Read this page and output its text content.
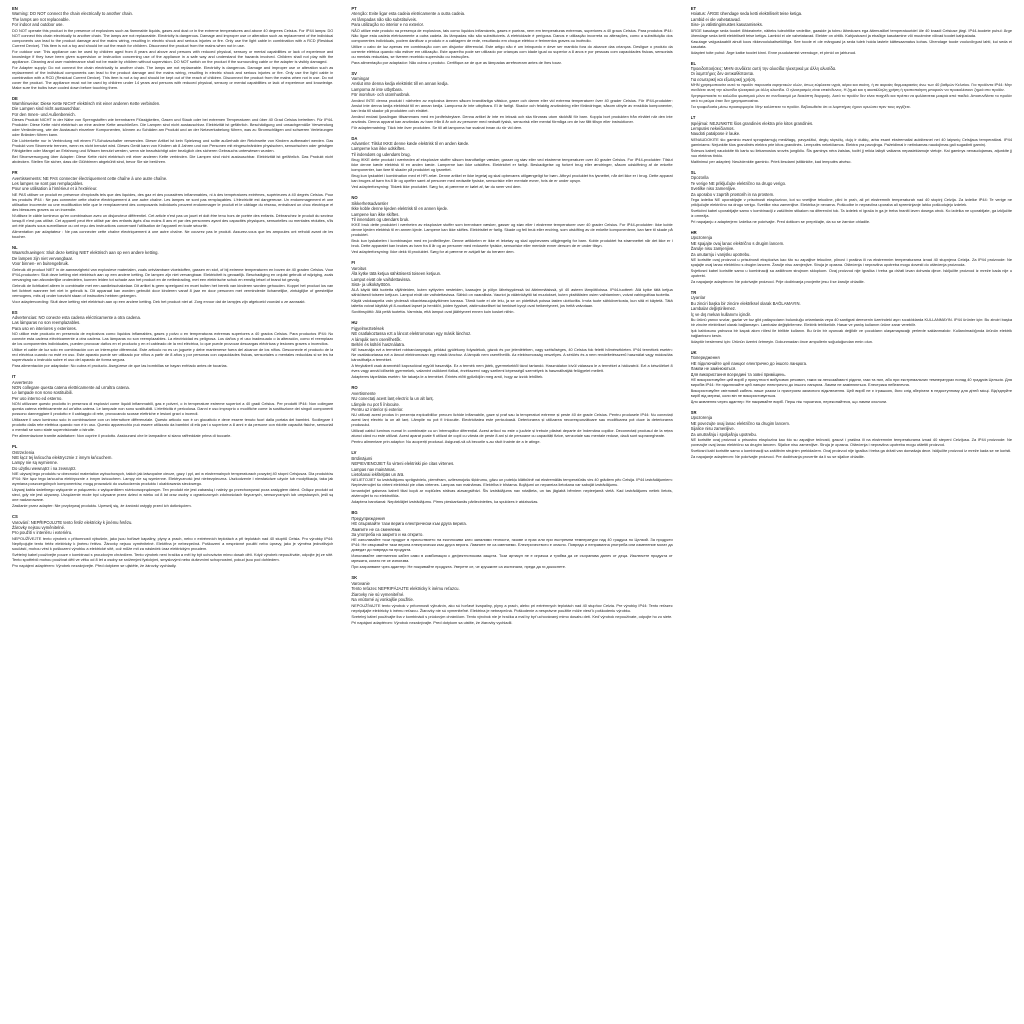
EN
Warning: DO NOT connect the chain electrically to another chain.
The lamps are not replaceable.
For indoor and outdoor use.

DO NOT operate this product in the presence of explosives such as flammable liquids, gases and dust or in the extreme temperatures and above 40 degrees Celsius. For IP44 lamps: DO NOT connect this chain electrically to another chain. The lamps are not replaceable. Electricity is dangerous. Damage and improper use or alteration such as replacement of the individual components can lead to the product damage and the mains wiring, resulting in electric shock and serious injuries or fire. Only use the light cable in combination with a RCD (Residual Current Device). This item is not a toy and should be out the reach for children. Disconnect the product from the mains when not in use.

For outdoor use: This appliance can be used by children aged from 8 years and above and persons with reduced physical, sensory or mental capabilities or lack of experience and knowledge if they have been given supervision or instruction concerning use of the appliance in a safe way and understand the hazards involved. Children shall not play with the appliance. Cleaning and user maintenance shall not be made by children without supervision. DO NOT switch on the product if the surrounding cable or the adapter is visibly damaged.

For Adapter supply: Do not connect the chain electrically to another chain. The lamps are not replaceable. Electricity is dangerous. Damage and improper use or alteration such as replacement of the individual components can lead to the product damage and the mains wiring, resulting in electric shock and serious injuries or fire. Only use the light cable in combination with a RCD (Residual Current Device). This item is not a toy and should be kept out of the reach of children. Disconnect the product from the mains when not in use. Do not cover the product. The appliance must not be used by children under 14 years and persons with reduced physical, sensory or mental capabilities or lack of experience and knowledge. Make sure the bulbs have cooled down before touching them.

DE
Warnhinweise: Diese Kette NICHT elektrisch mit einer anderen Kette verbinden.
Die Lampen sind nicht austauschbar.
Für den Innen- und Außenbereich.

Dieses Produkt NICHT in der Nähe von Sprengstoffen wie brennbaren Flüssigkeiten, Gasen und Staub oder bei extremen Temperaturen und über 40 Grad Celsius betreiben. Für IP44-Produkte: Diese Kette nicht elektrisch an eine andere Kette anschließen. Die Lampen sind nicht austauschbar. Elektrizität ist gefährlich. Beschädigung und unsachgemäße Verwendung oder Veränderung, wie der Austausch einzelner Komponenten, können zu Schäden am Produkt und an der Netzverkabelung führen, was zu Stromschlägen und schweren Verletzungen oder Bränden führen kann.

Die Lichterkette nur in Verbindung mit einem FI-Schutzschalter verwenden. Dieser Artikel ist kein Spielzeug und sollte außerhalb der Reichweite von Kindern aufbewahrt werden. Das Produkt vom Stromnetz trennen, wenn es nicht benutzt wird. Dieses Gerät kann von Kindern ab 8 Jahren und von Personen mit eingeschränkten physischen, sensorischen oder geistigen Fähigkeiten oder Mangel an Erfahrung und Wissen benutzt werden, wenn sie beaufsichtigt oder bezüglich des sicheren Gebrauchs unterwiesen wurden.

Bei Stromversorgung über Adapter: Diese Kette nicht elektrisch mit einer anderen Kette verbinden. Die Lampen sind nicht austauschbar. Elektrizität ist gefährlich. Das Produkt nicht abdecken. Stellen Sie sicher, dass die Glühbirnen abgekühlt sind, bevor Sie sie berühren.

FR
Avertissements: NE PAS connecter électriquement cette chaîne à une autre chaîne.
Les lampes ne sont pas remplaçables.
Pour une utilisation à l'intérieur et à l'extérieur.

NE PAS utiliser ce produit en présence d'explosifs tels que des liquides, des gaz et des poussières inflammables, ni à des températures extrêmes, supérieures à 40 degrés Celsius. Pour les produits IP44 : Ne pas connecter cette chaîne électriquement à une autre chaîne. Les lampes ne sont pas remplaçables. L'électricité est dangereuse. Un endommagement et une utilisation incorrecte ou une modification telle que le remplacement des composants individuels peuvent endommager le produit et le câblage du réseau, entraînant un choc électrique et des blessures graves ou un incendie.

N'utilisez le câble lumineux qu'en combinaison avec un disjoncteur différentiel. Cet article n'est pas un jouet et doit être tenu hors de portée des enfants. Débranchez le produit du secteur lorsqu'il n'est pas utilisé. Cet appareil peut être utilisé par des enfants âgés d'au moins 8 ans et par des personnes ayant des capacités physiques, sensorielles ou mentales réduites, s'ils ont été placés sous surveillance ou ont reçu des instructions concernant l'utilisation de l'appareil en toute sécurité.

Alimentation par adaptateur : Ne pas connecter cette chaîne électriquement à une autre chaîne. Ne couvrez pas le produit. Assurez-vous que les ampoules ont refroidi avant de les toucher.

NL
Waarschuwingen: Sluit deze ketting NIET elektrisch aan op een andere ketting.
De lampen zijn niet vervangbaar.
Voor binnen- en buitengebruik.

Gebruik dit product NIET in de aanwezigheid van explosieve materialen, zoals ontvlambare vloeistoffen, gassen en stof, of bij extreme temperaturen en boven de 40 graden Celsius. Voor IP44-producten: Sluit deze ketting niet elektrisch aan op een andere ketting. De lampen zijn niet vervangbaar. Elektriciteit is gevaarlijk. Beschadiging en onjuist gebruik of wijziging, zoals vervanging van afzonderlijke onderdelen, kunnen leiden tot schade aan het product en de netbedrading, met een elektrische schok en ernstig letsel of brand tot gevolg.

Gebruik de lichtkabel alleen in combinatie met een aardlekschakelaar. Dit artikel is geen speelgoed en moet buiten het bereik van kinderen worden gehouden. Koppel het product los van het lichtnet wanneer het niet in gebruik is. Dit apparaat kan worden gebruikt door kinderen vanaf 8 jaar en door personen met verminderde lichamelijke, zintuiglijke of geestelijke vermogens, mits zij onder toezicht staan of instructies hebben gekregen.

Voor adaptervoeding: Sluit deze ketting niet elektrisch aan op een andere ketting. Dek het product niet af. Zorg ervoor dat de lampjes zijn afgekoeld voordat u ze aanraakt.

ES
Advertencias: NO conecte esta cadena eléctricamente a otra cadena.
Las lámparas no son reemplazables.
Para uso en interiores y exteriores.

NO utilice este producto en presencia de explosivos como líquidos inflamables, gases y polvo o en temperaturas extremas superiores a 40 grados Celsius. Para productos IP44: No conecte esta cadena eléctricamente a otra cadena. Las lámparas no son reemplazables. La electricidad es peligrosa. Los daños y el uso inadecuado o la alteración, como el reemplazo de los componentes individuales, pueden provocar daños en el producto y en el cableado de la red eléctrica, lo que puede provocar descargas eléctricas y lesiones graves o incendios.

Utilice el cable de luz solo en combinación con un interruptor diferencial. Este artículo no es un juguete y debe mantenerse fuera del alcance de los niños. Desconecte el producto de la red eléctrica cuando no esté en uso. Este aparato puede ser utilizado por niños a partir de 8 años y por personas con capacidades físicas, sensoriales o mentales reducidas si se les ha supervisado o instruido sobre el uso del aparato de forma segura.

Para alimentación por adaptador: No cubra el producto. Asegúrese de que las bombillas se hayan enfriado antes de tocarlas.

IT
Avvertenze
NON collegare questa catena elettricamente ad un'altra catena.
Le lampade non sono sostituibili.
Per uso interno ed esterno.

NON utilizzare questo prodotto in presenza di esplosivi come liquidi infiammabili, gas e polveri, o in temperature estreme superiori a 40 gradi Celsius. Per prodotti IP44: Non collegare questa catena elettricamente ad un'altra catena. Le lampade non sono sostituibili. L'elettricità è pericolosa. Danni e uso improprio o modifiche come la sostituzione dei singoli componenti possono danneggiare il prodotto e il cablaggio di rete, provocando scosse elettriche e lesioni gravi o incendi.

Utilizzare il cavo luminoso solo in combinazione con un interruttore differenziale. Questo articolo non è un giocattolo e deve essere tenuto fuori dalla portata dei bambini. Scollegare il prodotto dalla rete elettrica quando non è in uso. Questo apparecchio può essere utilizzato da bambini di età pari o superiore a 8 anni e da persone con ridotte capacità fisiche, sensoriali o mentali se sono state supervisionate o istruite.

Per alimentazione tramite adattatore: Non coprire il prodotto. Assicurarsi che le lampadine si siano raffreddate prima di toccarle.

PL
Ostrzeżenia
NIE łącz tej łańcucha elektrycznie z innym łańcuchem.
Lampy nie są wymienne.
Do użytku wewnątrz i na zewnątrz.

NIE używaj tego produktu w obecności materiałów wybuchowych, takich jak łatwopalne ciecze, gazy i pył, ani w ekstremalnych temperaturach powyżej 40 stopni Celsjusza. Dla produktów IP44: Nie łącz tego łańcucha elektrycznie z innym łańcuchem. Lampy nie są wymienne. Elektryczność jest niebezpieczna. Uszkodzenie i niewłaściwe użycie lub modyfikacja, taka jak wymiana poszczególnych komponentów, mogą prowadzić do uszkodzenia produktu i okablowania sieciowego.

Używaj kabla świetlnego wyłącznie w połączeniu z wyłącznikiem różnicowoprądowym. Ten produkt nie jest zabawką i należy go przechowywać poza zasięgiem dzieci. Odłącz produkt od sieci, gdy nie jest używany. Urządzenie może być używane przez dzieci w wieku od 8 lat oraz osoby o ograniczonych zdolnościach fizycznych, sensorycznych lub umysłowych, jeśli są one nadzorowane.

Zasilanie przez adapter: Nie przykrywaj produktu. Upewnij się, że żarówki ostygły przed ich dotknięciem.

CS
Varování: NEPŘIPOJUJTE tento řetěz elektricky k jinému řetězu.
Žárovky nejsou vyměnitelné.
Pro použití v interiéru i exteriéru.

NEPOUŽÍVEJTE tento výrobek v přítomnosti výbušnin, jako jsou hořlavé kapaliny, plyny a prach, nebo v extrémních teplotách a při teplotách nad 40 stupňů Celsia. Pro výrobky IP44: Nepřipojujte tento řetěz elektricky k jinému řetězu. Žárovky nejsou vyměnitelné. Elektřina je nebezpečná. Poškození a nesprávné použití nebo úpravy, jako je výměna jednotlivých součástí, mohou vést k poškození výrobku a elektrické sítě, což může mít za následek úraz elektrickým proudem.

Světelný kabel používejte pouze v kombinaci s proudovým chráničem. Tento výrobek není hračka a měl by být uchováván mimo dosah dětí. Když výrobek nepoužíváte, odpojte jej ze sítě. Tento spotřebič mohou používat děti ve věku od 8 let a osoby se sníženými fyzickými, smyslovými nebo duševními schopnostmi, pokud jsou pod dohledem.

Pro napájení adaptérem: Výrobek nezakrývejte. Před dotykem se ujistěte, že žárovky vychladly.

PT
Atenção: Evite ligar esta cadeia eletricamente a outra cadeia.
As lâmpadas não são substituíveis.
Para utilização no interior e no exterior.

NÃO utilize este produto na presença de explosivos, tais como líquidos inflamáveis, gases e poeiras, nem em temperaturas extremas, superiores a 40 graus Celsius. Para produtos IP44: Não ligue esta cadeia eletricamente a outra cadeia. As lâmpadas não são substituíveis. A eletricidade é perigosa. Danos e utilização incorreta ou alterações, como a substituição dos componentes individuais, podem danificar o produto e a cablagem de rede, resultando em choque elétrico e ferimentos graves ou incêndio.

Utilize o cabo de luz apenas em combinação com um disjuntor diferencial. Este artigo não é um brinquedo e deve ser mantido fora do alcance das crianças. Desligue o produto da corrente elétrica quando não estiver em utilização. Este aparelho pode ser utilizado por crianças com idade igual ou superior a 8 anos e por pessoas com capacidades físicas, sensoriais ou mentais reduzidas, se tiverem recebido supervisão ou instruções.

Para alimentação por adaptador: Não cubra o produto. Certifique-se de que as lâmpadas arrefeceram antes de lhes tocar.

SV
Varningar
Anslut inte denna kedja elektriskt till en annan kedja.
Lamporna är inte utbytbara.
För inomhus- och utomhusbruk.

Använd INTE denna produkt i närheten av explosiva ämnen såsom brandfarliga vätskor, gaser och damm eller vid extrema temperaturer över 40 grader Celsius. För IP44-produkter: Anslut inte denna kedja elektriskt till en annan kedja. Lamporna är inte utbytbara. El är farligt. Skador och felaktig användning eller förändringar, såsom utbyte av enskilda komponenter, kan leda till skador på produkten och elnätet.

Använd endast ljusslingan tillsammans med en jordfelsbrytare. Denna artikel är inte en leksak och ska förvaras utom räckhåll för barn. Koppla bort produkten från elnätet när den inte används. Denna apparat kan användas av barn från 8 år och av personer med nedsatt fysisk, sensorisk eller mental förmåga om de har fått tillsyn eller instruktioner.

För adaptermatning: Täck inte över produkten. Se till att lamporna har svalnat innan du rör vid dem.

DA
Advarsler: Tilslut IKKE denne kæde elektrisk til en anden kæde.
Lamperne kan ikke udskiftes.
Til indendørs og udendørs brug.

Brug IKKE dette produkt i nærheden af eksplosive stoffer såsom brandfarlige væsker, gasser og støv eller ved ekstreme temperaturer over 40 grader Celsius. For IP44-produkter: Tilslut ikke denne kæde elektrisk til en anden kæde. Lamperne kan ikke udskiftes. Elektricitet er farligt. Beskadigelse og forkert brug eller ændringer, såsom udskiftning af de enkelte komponenter, kan føre til skader på produktet og lysnettet.

Brug kun lyskablet i kombination med et HFI-relæ. Denne artikel er ikke legetøj og skal opbevares utilgængeligt for børn. Afbryd produktet fra lysnettet, når det ikke er i brug. Dette apparat kan bruges af børn fra 8 år og opefter samt af personer med nedsatte fysiske, sensoriske eller mentale evner, hvis de er under opsyn.

Ved adapterforsyning: Tildæk ikke produktet. Sørg for, at pærerne er kølet af, før du rører ved dem.

NO
Sikkerhetsadvarsler
Ikke koble denne kjeden elektrisk til en annen kjede.
Lampene kan ikke skiftes.
Til innendørs og utendørs bruk.

IKKE bruk dette produktet i nærheten av eksplosive stoffer som brennbare væsker, gasser og støv eller i ekstreme temperaturer over 40 grader Celsius. For IP44-produkter: Ikke koble denne kjeden elektrisk til en annen kjede. Lampene kan ikke skiftes. Elektrisitet er farlig. Skade og feil bruk eller endring, som utskifting av de enkelte komponentene, kan føre til skade på produktet.

Bruk kun lyskabelen i kombinasjon med en jordfeilbryter. Denne artikkelen er ikke et leketøy og skal oppbevares utilgjengelig for barn. Koble produktet fra strømnettet når det ikke er i bruk. Dette apparatet kan brukes av barn fra 8 år og av personer med reduserte fysiske, sensoriske eller mentale evner dersom de er under tilsyn.

Ved adapterforsyning: Ikke dekk til produktet. Sørg for at pærene er avkjølt før du berører dem.

FI
Varoitus
Älä kytke tätä ketjua sähköisesti toiseen ketjuun.
Lamput eivät ole vaihdettavissa.
Sisä- ja ulkokäyttöön.

ÄLÄ käytä tätä tuotetta räjähteiden, kuten syttyvien nesteiden, kaasujen ja pölyn läheisyydessä tai äärimmäisissä, yli 40 asteen lämpötiloissa. IP44-tuotteet: Älä kytke tätä ketjua sähköisesti toiseen ketjuun. Lamput eivät ole vaihdettavissa. Sähkö on vaarallista. Vauriot ja väärinkäyttö tai muutokset, kuten yksittäisten osien vaihtaminen, voivat vahingoittaa tuotetta.

Käytä valokaapelia vain yhdessä vikavirtasuojakytkimen kanssa. Tämä tuote ei ole lelu, ja se on pidettävä poissa lasten ulottuvilta. Irrota tuote sähköverkosta, kun sitä ei käytetä. Tätä laitetta voivat käyttää yli 8-vuotiaat lapset ja henkilöt, joiden fyysiset, aistimukselliset tai henkiset kyvyt ovat heikentyneet, jos heitä valvotaan.

Sovitinsyöttö: Älä peitä tuotetta. Varmista, että lamput ovat jäähtyneet ennen kuin kosket niihin.

HU
Figyelmeztetések
NE csatlakoztassa ezt a láncot elektromosan egy másik lánchoz.
A lámpák nem cserélhetők.
Beltéri és kültéri használatra.

NE használja ezt a terméket robbanóanyagok, például gyúlékony folyadékok, gázok és por jelenlétében, vagy szélsőséges, 40 Celsius fok feletti hőmérsékleten. IP44 termékek esetén: Ne csatlakoztassa ezt a láncot elektromosan egy másik lánchoz. A lámpák nem cserélhetők. Az elektromosság veszélyes. A sérülés és a nem rendeltetésszerű használat vagy módosítás károsíthatja a terméket.

A fénykábelt csak áramvédő kapcsolóval együtt használja. Ez a termék nem játék, gyermekektől távol tartandó. Használaton kívül válassza le a terméket a hálózatról. Ezt a készüléket 8 éves vagy annál idősebb gyermekek, valamint csökkent fizikai, érzékszervi vagy szellemi képességű személyek is használhatják felügyelet mellett.

Adapteres tápellátás esetén: Ne takarja le a terméket. Érintés előtt győződjön meg arról, hogy az izzók lehűltek.

RO
Avertismente
NU conectați acest lanț electric la un alt lanț.
Lămpile nu pot fi înlocuite.
Pentru uz interior și exterior.

NU utilizați acest produs în prezența explozibililor precum lichide inflamabile, gaze și praf sau la temperaturi extreme și peste 40 de grade Celsius. Pentru produsele IP44: Nu conectați acest lanț electric la un alt lanț. Lămpile nu pot fi înlocuite. Electricitatea este periculoasă. Deteriorarea și utilizarea necorespunzătoare sau modificarea pot duce la deteriorarea produsului.

Utilizați cablul luminos numai în combinație cu un întrerupător diferențial. Acest articol nu este o jucărie și trebuie păstrat departe de îndemâna copiilor. Deconectați produsul de la rețea atunci când nu este utilizat. Acest aparat poate fi utilizat de copii cu vârsta de peste 8 ani și de persoane cu capacități fizice, senzoriale sau mentale reduse, dacă sunt supravegheate.

Pentru alimentare prin adaptor: Nu acoperiți produsul. Asigurați-vă că becurile s-au răcit înainte de a le atinge.

LV
Brīdinājumi
NEPIEVIENOJIET šo virteni elektriski pie citas virtenes.
Lampas nav maināmas.
Lietošanai iekštelpās un ārā.

NELIETOJIET šo izstrādājumu sprāgstvielu, piemēram, uzliesmojošu šķidrumu, gāzu un putekļu klātbūtnē vai ekstremālās temperatūrās virs 40 grādiem pēc Celsija. IP44 izstrādājumiem: Nepievienojiet šo virteni elektriski pie citas virtenes. Lampas nav maināmas. Elektrība ir bīstama. Bojājumi un nepareiza lietošana var sabojāt izstrādājumu.

Izmantojiet gaismas kabeli tikai kopā ar noplūdes strāvas aizsargslēdzi. Šis izstrādājums nav rotaļlieta, un tas jāglabā bērniem nepieejamā vietā. Kad izstrādājums netiek lietots, atvienojiet to no elektrotīkla.

Adaptera barošanai: Nepārklājiet izstrādājumu. Pirms pieskaršanās pārliecinieties, ka spuldzes ir atdzisušas.

BG
Предупреждения
НЕ свързвайте тази верига електрически към друга верига.
Лампите не са сменяеми.
За употреба на закрито и на открито.

НЕ използвайте този продукт в присъствието на експлозиви като запалими течности, газове и прах или при екстремни температури над 40 градуса по Целзий. За продукти IP44: Не свързвайте тази верига електрически към друга верига. Лампите не са сменяеми. Електричеството е опасно. Повреда и неправилна употреба или изменение могат да доведат до повреда на продукта.

Използвайте светлинния кабел само в комбинация с дефектнотокова защита. Този артикул не е играчка и трябва да се съхранява далеч от деца. Изключете продукта от мрежата, когато не се използва.

При захранване чрез адаптер: Не покривайте продукта. Уверете се, че крушките са изстинали, преди да ги докоснете.

SK
Varovanie
Tento reťazec NEPRIPÁJAJTE elektricky k inému reťazcu.
Žiarovky nie sú vymeniteľné.
Na vnútorné aj vonkajšie použitie.

NEPOUŽÍVAJTE tento výrobok v prítomnosti výbušnín, ako sú horľavé kvapaliny, plyny a prach, alebo pri extrémnych teplotách nad 40 stupňov Celzia. Pre výrobky IP44: Tento reťazec nepripájajte elektricky k inému reťazcu. Žiarovky nie sú vymeniteľné. Elektrina je nebezpečná. Poškodenie a nesprávne použitie môže viesť k poškodeniu výrobku.

Svetelný kábel používajte iba v kombinácii s prúdovým chráničom. Tento výrobok nie je hračka a mal by byť uchovávaný mimo dosahu detí. Keď výrobok nepoužívate, odpojte ho zo siete.

Pri napájaní adaptérom: Výrobok nezakrývajte. Pred dotykom sa uistite, že žiarovky vychladli.

ET
Hoiatus: ÄRGE ühendage seda ketti elektriliselt teise ketiga.
Lambid ei ole vahetatavad.
Sise- ja välistingimustes kasutamiseks.

ÄRGE kasutage seda toodet lõhkeainete, näiteks tuleohtlike vedelike, gaaside ja tolmu läheduses ega äärmuslikel temperatuuridel üle 40 kraadi Celsiuse järgi. IP44-toodete puhul: Ärge ühendage seda ketti elektriliselt teise ketiga. Lambid ei ole vahetatavad. Elekter on ohtlik. Kahjustused ja ebaõige kasutamine või muutmine võivad toodet kahjustada.

Kasutage valguskaablit ainult koos rikkevoolukaitselülitiga. See toode ei ole mänguasi ja seda tuleb hoida lastele kättesaamatus kohas. Ühendage toode vooluvõrgust lahti, kui seda ei kasutata.

Adapteri toite puhul: Ärge katke toodet kinni. Enne puudutamist veenduge, et pirnid on jahtunud.

EL
Προειδοποιήσεις: ΜΗΝ συνδέετε αυτή την αλυσίδα ηλεκτρικά με άλλη αλυσίδα.
Οι λαμπτήρες δεν αντικαθίστανται.
Για εσωτερική και εξωτερική χρήση.

ΜΗΝ χρησιμοποιείτε αυτό το προϊόν παρουσία εκρηκτικών υλών, όπως εύφλεκτα υγρά, αέρια και σκόνη, ή σε ακραίες θερμοκρασίες άνω των 40 βαθμών Κελσίου. Για προϊόντα IP44: Μην συνδέετε αυτή την αλυσίδα ηλεκτρικά με άλλη αλυσίδα. Ο ηλεκτρισμός είναι επικίνδυνος. Η ζημιά και η ακατάλληλη χρήση ή τροποποίηση μπορούν να προκαλέσουν ζημιά στο προϊόν.

Χρησιμοποιείτε το καλώδιο φωτισμού μόνο σε συνδυασμό με διακόπτη διαρροής. Αυτό το προϊόν δεν είναι παιχνίδι και πρέπει να φυλάσσεται μακριά από παιδιά. Αποσυνδέστε το προϊόν από το ρεύμα όταν δεν χρησιμοποιείται.

Για τροφοδοσία μέσω προσαρμογέα: Μην καλύπτετε το προϊόν. Βεβαιωθείτε ότι οι λαμπτήρες έχουν κρυώσει πριν τους αγγίξετε.

LT
Įspėjimai: NEJUNKITE šios grandinės elektra prie kitos grandinės.
Lemputės nekeičiamos.
Naudoti patalpose ir lauke.

NENAUDOKITE šio gaminio esant sprogstamųjų medžiagų, pavyzdžiui, degių skysčių, dujų ir dulkių, arba esant ekstremaliai aukštesnei nei 40 laipsnių Celsijaus temperatūrai. IP44 gaminiams: Nejunkite šios grandinės elektra prie kitos grandinės. Lemputės nekeičiamos. Elektra yra pavojinga. Pažeidimai ir netinkamas naudojimas gali sugadinti gaminį.

Šviesos kabelį naudokite tik kartu su liekamosios srovės jungikliu. Šis gaminys nėra žaislas, todėl jį reikia laikyti vaikams nepasiekiamoje vietoje. Kai gaminys nenaudojamas, atjunkite jį nuo elektros tinklo.

Maitinimui per adapterį: Neuždenkite gaminio. Prieš liesdami įsitikinkite, kad lemputės atvėso.

SL
Opozorila
Te verige NE priključujte električno na drugo verigo.
Svetilke niso zamenljive.
Za uporabo v zaprtih prostorih in na prostem.

Tega izdelka NE uporabljajte v prisotnosti eksplozivov, kot so vnetljive tekočine, plini in prah, ali pri ekstremnih temperaturah nad 40 stopinj Celzija. Za izdelke IP44: Te verige ne priključujte električno na drugo verigo. Svetilke niso zamenljive. Elektrika je nevarna. Poškodbe in nepravilna uporaba ali spreminjanje lahko poškodujejo izdelek.

Svetlobni kabel uporabljajte samo v kombinaciji z zaščitnim stikalom na diferenčni tok. Ta izdelek ni igrača in ga je treba hraniti izven dosega otrok. Ko izdelka ne uporabljate, ga izključite iz omrežja.

Pri napajanju z adapterjem: Izdelka ne pokrivajte. Pred dotikom se prepričajte, da so se žarnice ohladile.

HR
Upozorenja
NE spajajte ovaj lanac električno s drugim lancem.
Žarulje nisu zamjenjive.
Za unutarnju i vanjsku upotrebu.

NE koristite ovaj proizvod u prisutnosti eksploziva kao što su zapaljive tekućine, plinovi i prašina ili na ekstremnim temperaturama iznad 40 stupnjeva Celzija. Za IP44 proizvode: Ne spajajte ovaj lanac električno s drugim lancem. Žarulje nisu zamjenjive. Struja je opasna. Oštećenja i nepravilna upotreba mogu dovesti do oštećenja proizvoda.

Svjetlosni kabel koristite samo u kombinaciji sa zaštitnom strujnom sklopkom. Ovaj proizvod nije igračka i treba ga držati izvan dohvata djece. Isključite proizvod iz mreže kada nije u upotrebi.

Za napajanje adapterom: Ne pokrivajte proizvod. Prije dodirivanja provjerite jesu li se žarulje ohladile.

TR
Uyarılar
Bu zinciri başka bir zincire elektriksel olarak BAĞLAMAYIN.
Lambalar değiştirilemez.
İç ve dış mekan kullanımı içindir.

Bu ürünü yanıcı sıvılar, gazlar ve toz gibi patlayıcıların bulunduğu ortamlarda veya 40 santigrat derecenin üzerindeki aşırı sıcaklıklarda KULLANMAYIN. IP44 ürünler için: Bu zinciri başka bir zincire elektriksel olarak bağlamayın. Lambalar değiştirilemez. Elektrik tehlikelidir. Hasar ve yanlış kullanım ürüne zarar verebilir.

Işık kablosunu yalnızca bir kaçak akım rölesi ile birlikte kullanın. Bu ürün bir oyuncak değildir ve çocukların ulaşamayacağı yerlerde saklanmalıdır. Kullanılmadığında ürünün elektrik bağlantısını kesin.

Adaptör beslemesi için: Ürünün üzerini örtmeyin. Dokunmadan önce ampullerin soğuduğundan emin olun.

UK
Попередження
НЕ підключайте цей ланцюг електрично до іншого ланцюга.
Лампи не замінюються.
Для використання всередині та зовні приміщень.

НЕ використовуйте цей виріб у присутності вибухових речовин, таких як легкозаймисті рідини, гази та пил, або при екстремальних температурах понад 40 градусів Цельсія. Для виробів IP44: Не підключайте цей ланцюг електрично до іншого ланцюга. Лампи не замінюються. Електрика небезпечна.

Використовуйте світловий кабель лише разом із пристроєм захисного відключення. Цей виріб не є іграшкою, його слід зберігати в недоступному для дітей місці. Від'єднуйте виріб від мережі, коли він не використовується.

Для живлення через адаптер: Не накривайте виріб. Перш ніж торкатися, переконайтеся, що лампи охололи.

SR
Upozorenja
NE povezujte ovaj lanac električno sa drugim lancem.
Sijalice nisu zamenljive.
Za unutrašnju i spoljašnju upotrebu.

NE koristite ovaj proizvod u prisustvu eksploziva kao što su zapaljive tečnosti, gasovi i prašina ili na ekstremnim temperaturama iznad 40 stepeni Celzijusa. Za IP44 proizvode: Ne povezujte ovaj lanac električno sa drugim lancem. Sijalice nisu zamenljive. Struja je opasna. Oštećenja i nepravilna upotreba mogu oštetiti proizvod.

Svetlosni kabl koristite samo u kombinaciji sa zaštitnim strujnim prekidačem. Ovaj proizvod nije igračka i treba ga držati van domašaja dece. Isključite proizvod iz mreže kada se ne koristi.

Za napajanje adapterom: Ne pokrivajte proizvod. Pre dodirivanja proverite da li su se sijalice ohladile.
